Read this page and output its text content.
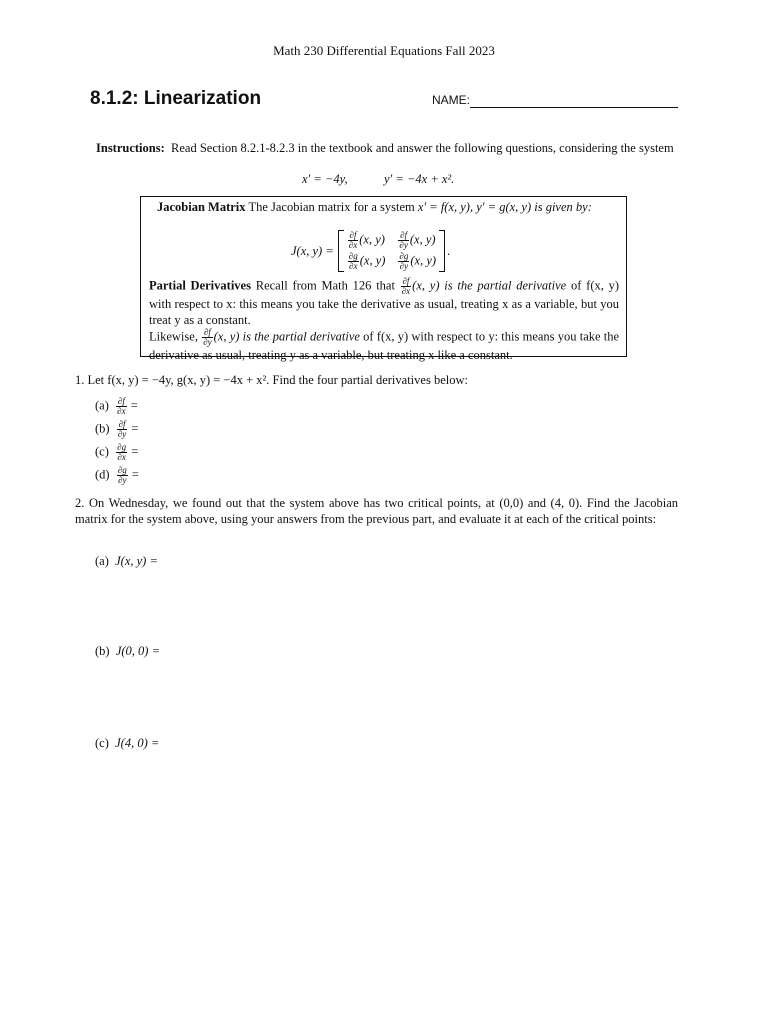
Math 230 Differential Equations Fall 2023
8.1.2: Linearization	NAME:
Instructions: Read Section 8.2.1-8.2.3 in the textbook and answer the following questions, considering the system
x′ = −4y,	y′ = −4x + x².
Jacobian Matrix The Jacobian matrix for a system x′ = f(x, y), y′ = g(x, y) is given by:
J(x, y) =
$\frac{\partial f}{\partial x} (x$, $y) \frac{\partial f}{\partial y} (x$, y)
$\frac{\partial g}{\partial x} (x$, $y) \frac{\partial g}{\partial y} (x$, y)
.
Partial Derivatives Recall from Math 126 that $\frac{\partial f}{\partial x} (x$, y) is the partial derivative of f(x, y) with respect to x: this means you take the derivative as usual, treating x as a variable, but you treat y as a constant.
Likewise, $\frac{\partial f}{\partial y} (x$, y) is the partial derivative of f(x, y) with respect to y: this means you take the derivative as usual, treating y as a variable, but treating x like a constant.
1. Let f(x, y) = −4y, g(x, y) = −4x + x². Find the four partial derivatives below:
$(a) \frac{\partial f}{\partial x}$ =
$(b) \frac{\partial f}{\partial y}$ =
$(c) \frac{\partial g}{\partial x}$ =
$(d) \frac{\partial g}{\partial y}$ =
2. On Wednesday, we found out that the system above has two critical points, at (0,0) and (4, 0). Find the Jacobian matrix for the system above, using your answers from the previous part, and evaluate it at each of the critical points:
(a) J(x, y) =
(b) J(0, 0) =
(c) J(4, 0) =
